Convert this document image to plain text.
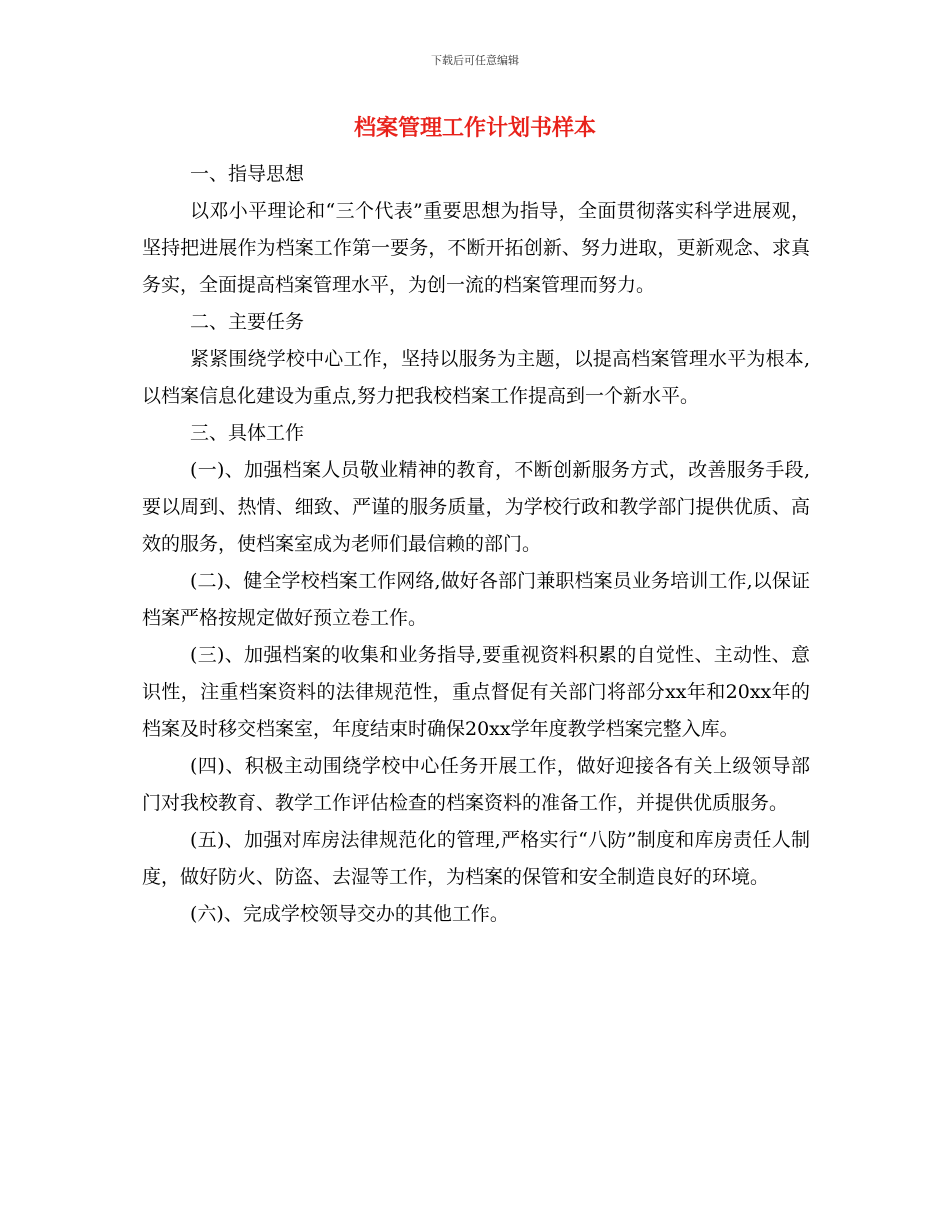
下载后可任意编辑
档案管理工作计划书样本

一、指导思想

以邓小平理论和“三个代表”重要思想为指导，全面贯彻落实科学进展观，坚持把进展作为档案工作第一要务，不断开拓创新、努力进取，更新观念、求真务实，全面提高档案管理水平，为创一流的档案管理而努力。

二、主要任务

紧紧围绕学校中心工作，坚持以服务为主题，以提高档案管理水平为根本,以档案信息化建设为重点,努力把我校档案工作提高到一个新水平。

三、具体工作

(一)、加强档案人员敬业精神的教育，不断创新服务方式，改善服务手段,要以周到、热情、细致、严谨的服务质量，为学校行政和教学部门提供优质、高效的服务，使档案室成为老师们最信赖的部门。

(二)、健全学校档案工作网络,做好各部门兼职档案员业务培训工作,以保证档案严格按规定做好预立卷工作。

(三)、加强档案的收集和业务指导,要重视资料积累的自觉性、主动性、意识性，注重档案资料的法律规范性，重点督促有关部门将部分xx年和20xx年的档案及时移交档案室，年度结束时确保20xx学年度教学档案完整入库。

(四)、积极主动围绕学校中心任务开展工作，做好迎接各有关上级领导部门对我校教育、教学工作评估检查的档案资料的准备工作，并提供优质服务。

(五)、加强对库房法律规范化的管理,严格实行“八防”制度和库房责任人制度，做好防火、防盗、去湿等工作，为档案的保管和安全制造良好的环境。

(六)、完成学校领导交办的其他工作。
